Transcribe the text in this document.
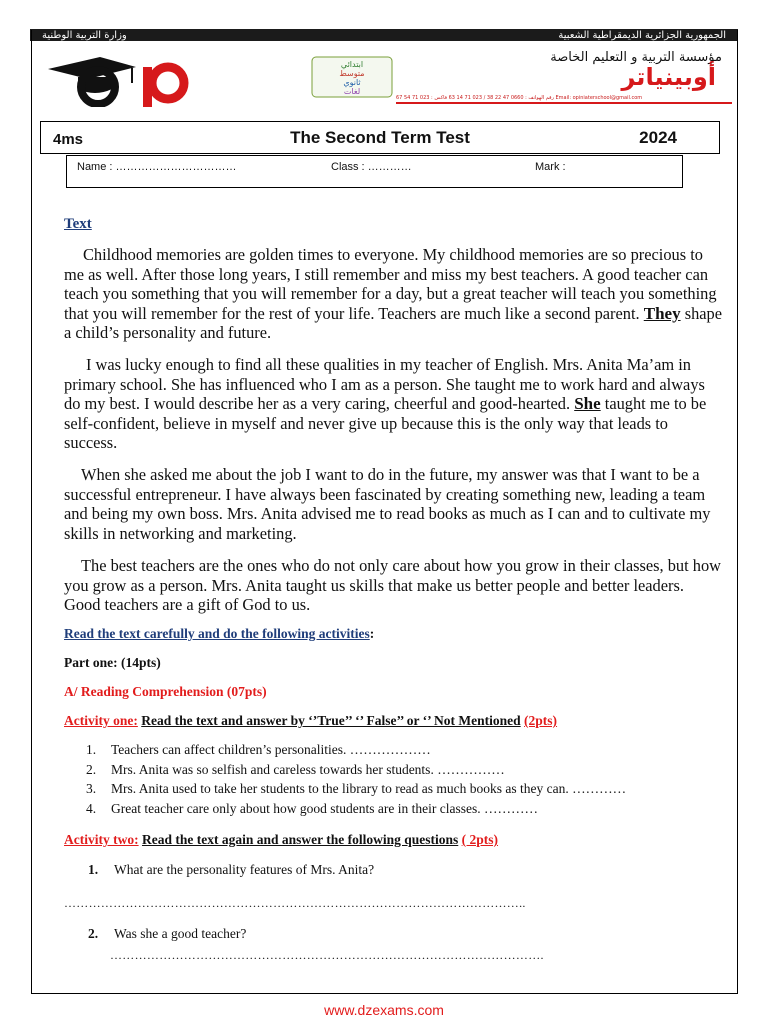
وزارة التربية الوطنية	الجمهورية الجزائرية الديمقراطية الشعبية
ابتدائي
متوسط
ثانوي
لغات
مؤسسة التربية و التعليم الخاصة
أوبينياتر
رقم الهواتف : 0660 47 22 38 / 023 71 14 63 فاكس : 023 71 54 67 Email: opiniaterschool@gmail.com
4ms	The Second Term Test	2024
Name : ……………………………	Class : …………	Mark :
Text
Childhood memories are golden times to everyone. My childhood memories are so precious to me as well. After those long years, I still remember and miss my best teachers. A good teacher can teach you something that you will remember for a day, but a great teacher will teach you something that you will remember for the rest of your life. Teachers are much like a second parent. They shape a child’s personality and future.
I was lucky enough to find all these qualities in my teacher of English. Mrs. Anita Ma’am in primary school. She has influenced who I am as a person. She taught me to work hard and always do my best. I would describe her as a very caring, cheerful and good-hearted. She taught me to be self-confident, believe in myself and never give up because this is the only way that leads to success.
When she asked me about the job I want to do in the future, my answer was that I want to be a successful entrepreneur. I have always been fascinated by creating something new, leading a team and being my own boss. Mrs. Anita advised me to read books as much as I can and to cultivate my skills in networking and marketing.
The best teachers are the ones who do not only care about how you grow in their classes, but how you grow as a person. Mrs. Anita taught us skills that make us better people and better leaders. Good teachers are a gift of God to us.
Read the text carefully and do the following activities:
Part one: (14pts)
A/ Reading Comprehension (07pts)
Activity one: Read the text and answer by ‘’True’’ ‘’ False’’ or ‘’ Not Mentioned (2pts)
1.	Teachers can affect children’s personalities. ………………
2.	Mrs. Anita was so selfish and careless towards her students. ……………
3.	Mrs. Anita used to take her students to the library to read as much books as they can. …………
4.	Great teacher care only about how good students are in their classes. …………
Activity two: Read the text again and answer the following questions ( 2pts)
1. What are the personality features of Mrs. Anita?
…………………………………………………………………………………………………..
2. Was she a good teacher?
…………………………………………………………………………………………….
www.dzexams.com
